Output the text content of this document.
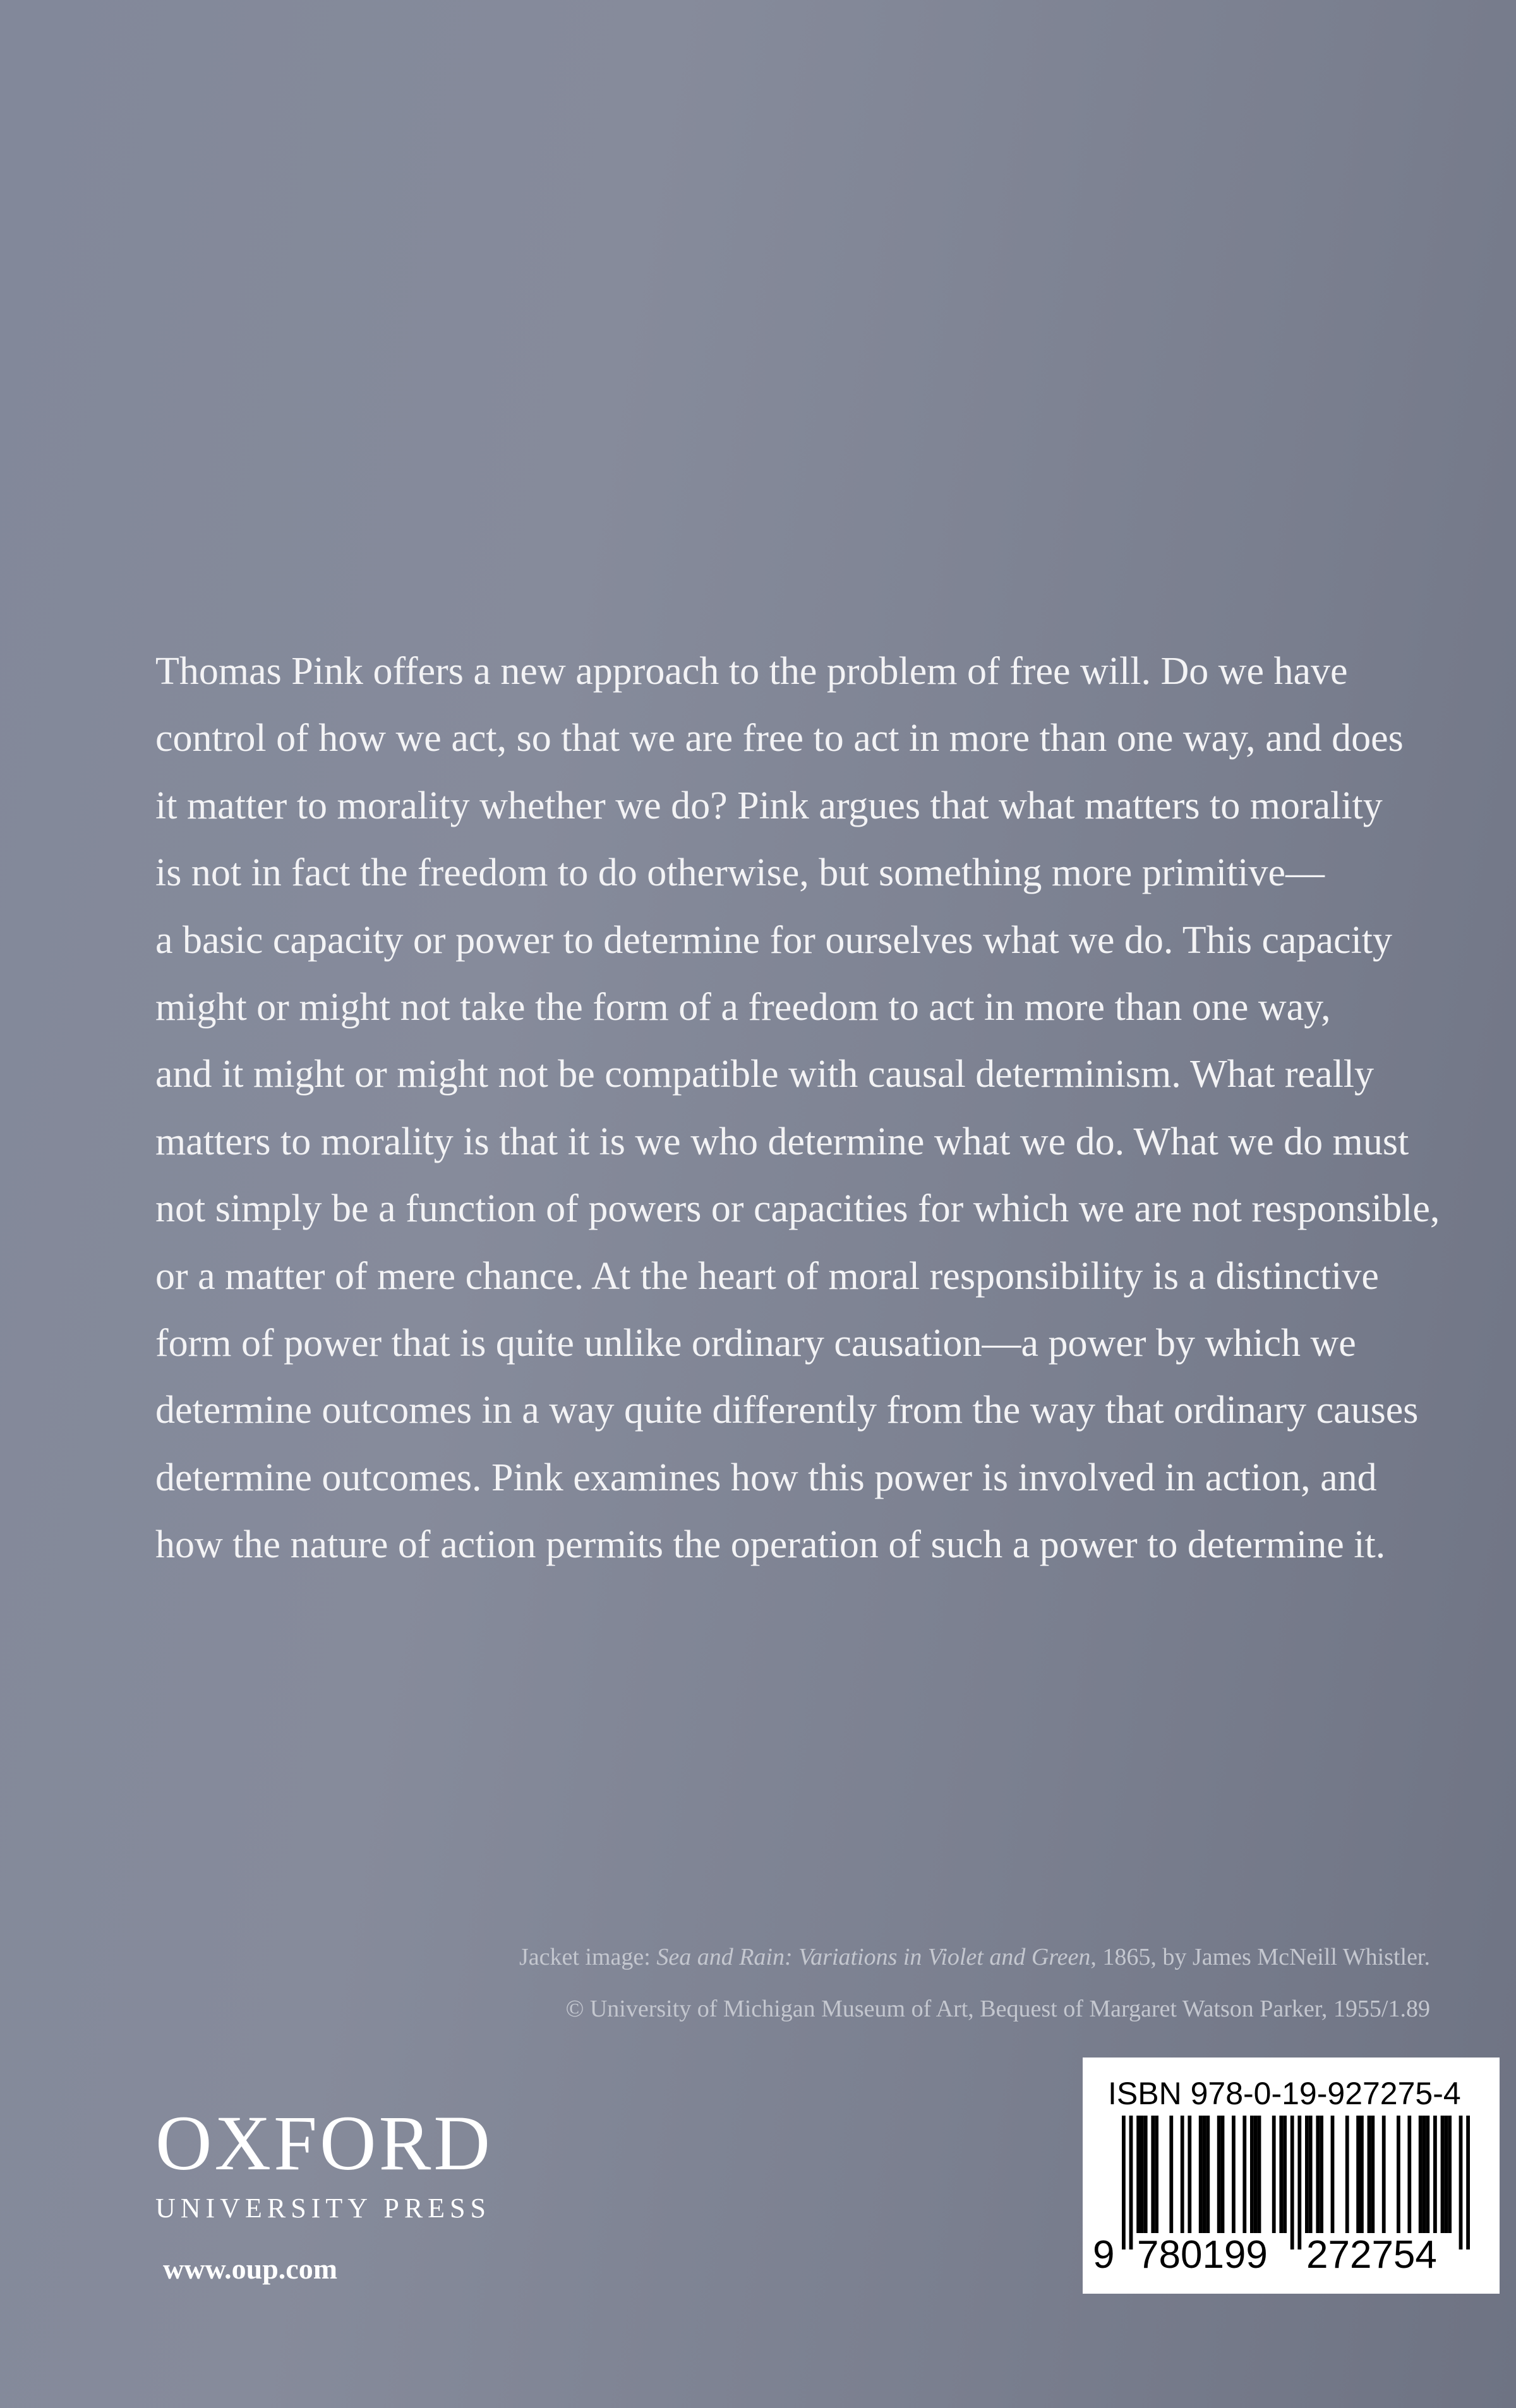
Thomas Pink offers a new approach to the problem of free will. Do we have
control of how we act, so that we are free to act in more than one way, and does
it matter to morality whether we do? Pink argues that what matters to morality
is not in fact the freedom to do otherwise, but something more primitive—
a basic capacity or power to determine for ourselves what we do. This capacity
might or might not take the form of a freedom to act in more than one way,
and it might or might not be compatible with causal determinism. What really
matters to morality is that it is we who determine what we do. What we do must
not simply be a function of powers or capacities for which we are not responsible,
or a matter of mere chance. At the heart of moral responsibility is a distinctive
form of power that is quite unlike ordinary causation—a power by which we
determine outcomes in a way quite differently from the way that ordinary causes
determine outcomes. Pink examines how this power is involved in action, and
how the nature of action permits the operation of such a power to determine it.
Jacket image: Sea and Rain: Variations in Violet and Green, 1865, by James McNeill Whistler.
© University of Michigan Museum of Art, Bequest of Margaret Watson Parker, 1955/1.89
OXFORD
UNIVERSITY PRESS
www.oup.com
ISBN 978-0-19-927275-4
9 780199 272754
